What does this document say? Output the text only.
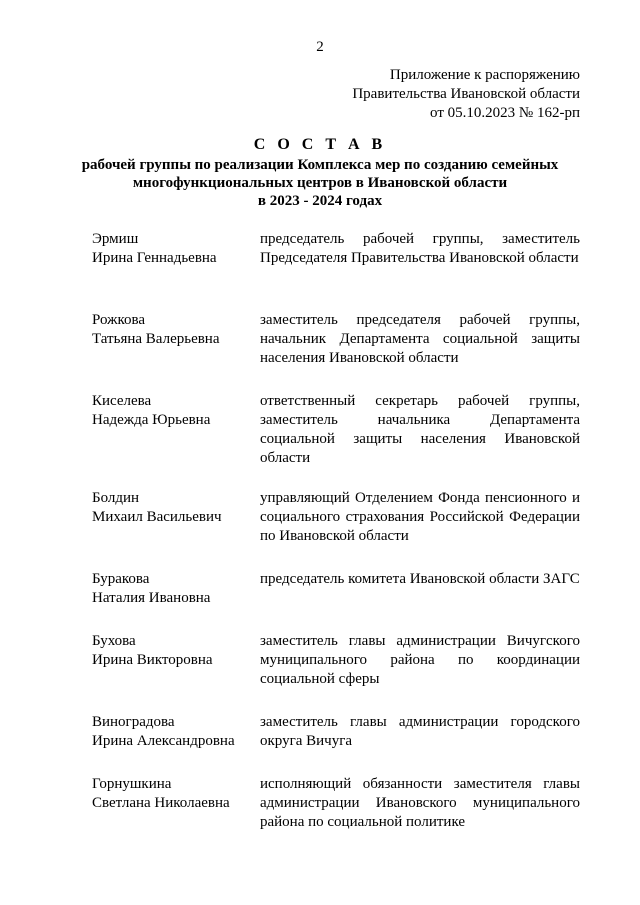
2
Приложение к распоряжению
Правительства Ивановской области
от 05.10.2023 № 162-рп
С О С Т А В
рабочей группы по реализации Комплекса мер по созданию семейных
многофункциональных центров в Ивановской области
в 2023 - 2024 годах
Эрмиш
Ирина Геннадьевна
председатель рабочей группы, заместитель Председателя Правительства Ивановской области
Рожкова
Татьяна Валерьевна
заместитель председателя рабочей группы, начальник Департамента социальной защиты населения Ивановской области
Киселева
Надежда Юрьевна
ответственный секретарь рабочей группы, заместитель начальника Департамента социальной защиты населения Ивановской области
Болдин
Михаил Васильевич
управляющий Отделением Фонда пенсионного и социального страхования Российской Федерации по Ивановской области
Буракова
Наталия Ивановна
председатель комитета Ивановской области ЗАГС
Бухова
Ирина Викторовна
заместитель главы администрации Вичугского муниципального района по координации социальной сферы
Виноградова
Ирина Александровна
заместитель главы администрации городского округа Вичуга
Горнушкина
Светлана Николаевна
исполняющий обязанности заместителя главы администрации Ивановского муниципального района по социальной политике
